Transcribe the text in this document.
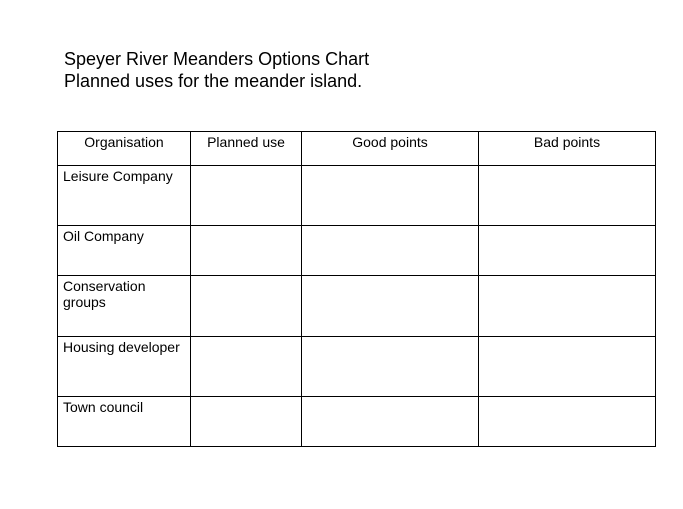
Speyer River Meanders Options Chart
Planned uses for the meander island.
Organisation	Planned use	Good points	Bad points
Leisure Company			
Oil Company			
Conservation groups			
Housing developer			
Town council			
